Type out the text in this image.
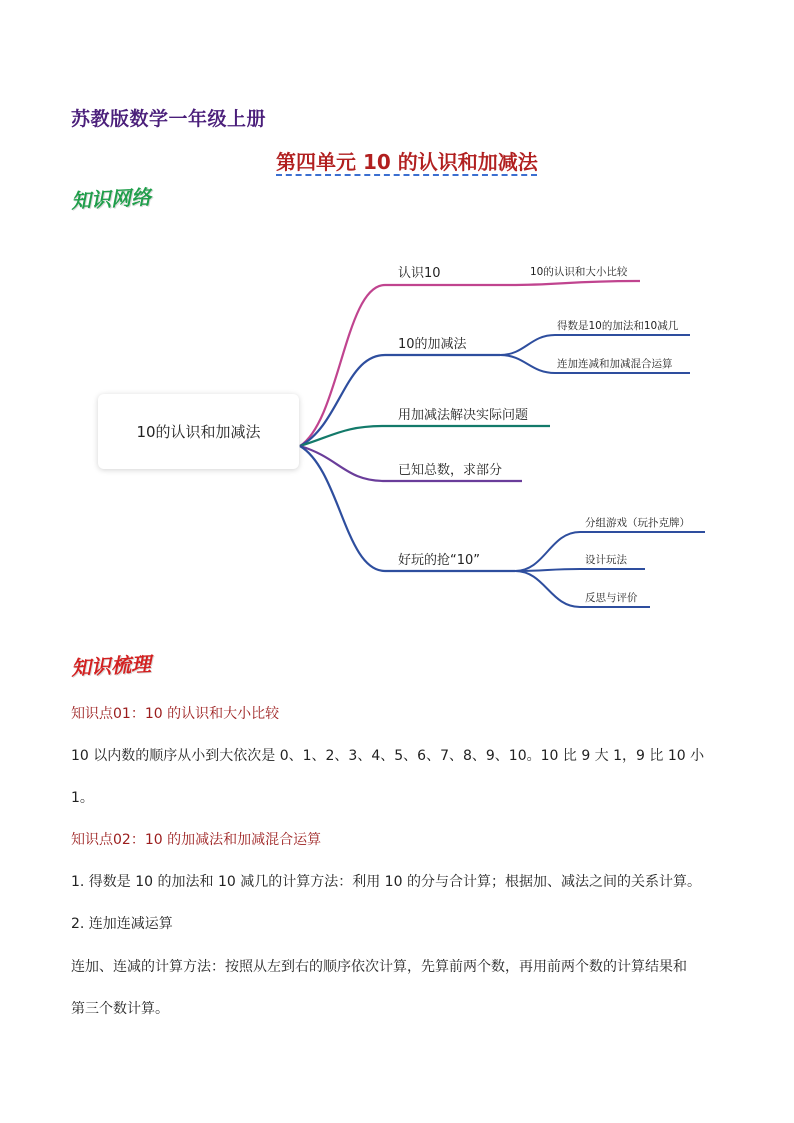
苏教版数学一年级上册
第四单元 10 的认识和加减法
知识网络
10的认识和加减法
认识10
10的加减法
用加减法解决实际问题
已知总数，求部分
好玩的抢“10”
10的认识和大小比较
得数是10的加法和10减几
连加连减和加减混合运算
分组游戏（玩扑克牌）
设计玩法
反思与评价
知识梳理
知识点01：10 的认识和大小比较
10 以内数的顺序从小到大依次是 0、1、2、3、4、5、6、7、8、9、10。10 比 9 大 1，9 比 10 小
1。
知识点02：10 的加减法和加减混合运算
1. 得数是 10 的加法和 10 减几的计算方法：利用 10 的分与合计算；根据加、减法之间的关系计算。
2. 连加连减运算
连加、连减的计算方法：按照从左到右的顺序依次计算，先算前两个数，再用前两个数的计算结果和
第三个数计算。
